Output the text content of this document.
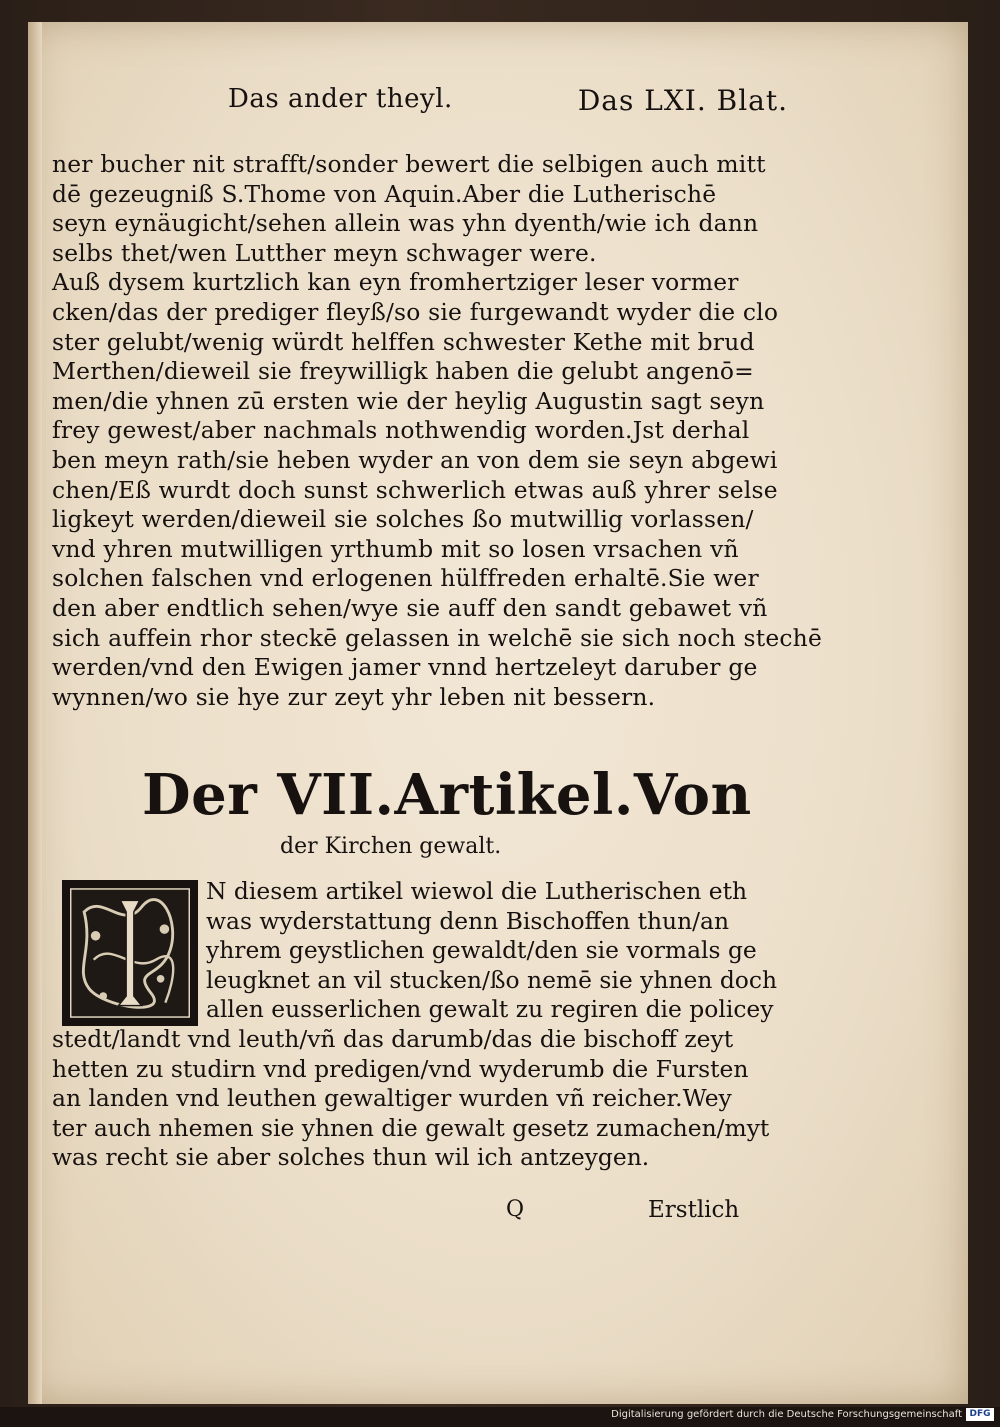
Das ander theyl.	Das LXI. Blat.
ner bucher nit strafft/sonder bewert die selbigen auch mitt
dē gezeugniß S.Thome von Aquin.Aber die Lutherischē
seyn eynäugicht/sehen allein was yhn dyenth/wie ich dann
selbs thet/wen Lutther meyn schwager were.
Auß dysem kurtzlich kan eyn fromhertziger leser vormer
cken/das der prediger fleyß/so sie furgewandt wyder die clo
ster gelubt/wenig würdt helffen schwester Kethe mit brud
Merthen/dieweil sie freywilligk haben die gelubt angenō=
men/die yhnen zū ersten wie der heylig Augustin sagt seyn
frey gewest/aber nachmals nothwendig worden.Jst derhal
ben meyn rath/sie heben wyder an von dem sie seyn abgewi
chen/Eß wurdt doch sunst schwerlich etwas auß yhrer selse
ligkeyt werden/dieweil sie solches ßo mutwillig vorlassen/
vnd yhren mutwilligen yrthumb mit so losen vrsachen vñ
solchen falschen vnd erlogenen hülffreden erhaltē.Sie wer
den aber endtlich sehen/wye sie auff den sandt gebawet vñ
sich auffein rhor steckē gelassen in welchē sie sich noch stechē
werden/vnd den Ewigen jamer vnnd hertzeleyt daruber ge
wynnen/wo sie hye zur zeyt yhr leben nit bessern.
Der VII.Artikel.Von
der Kirchen gewalt.
N diesem artikel wiewol die Lutherischen eth
was wyderstattung denn Bischoffen thun/an
yhrem geystlichen gewaldt/den sie vormals ge
leugknet an vil stucken/ßo nemē sie yhnen doch
allen eusserlichen gewalt zu regiren die policey
stedt/landt vnd leuth/vñ das darumb/das die bischoff zeyt
hetten zu studirn vnd predigen/vnd wyderumb die Fursten
an landen vnd leuthen gewaltiger wurden vñ reicher.Wey
ter auch nhemen sie yhnen die gewalt gesetz zumachen/myt
was recht sie aber solches thun wil ich antzeygen.
Q	Erstlich
Digitalisierung gefördert durch die Deutsche Forschungsgemeinschaft DFG
